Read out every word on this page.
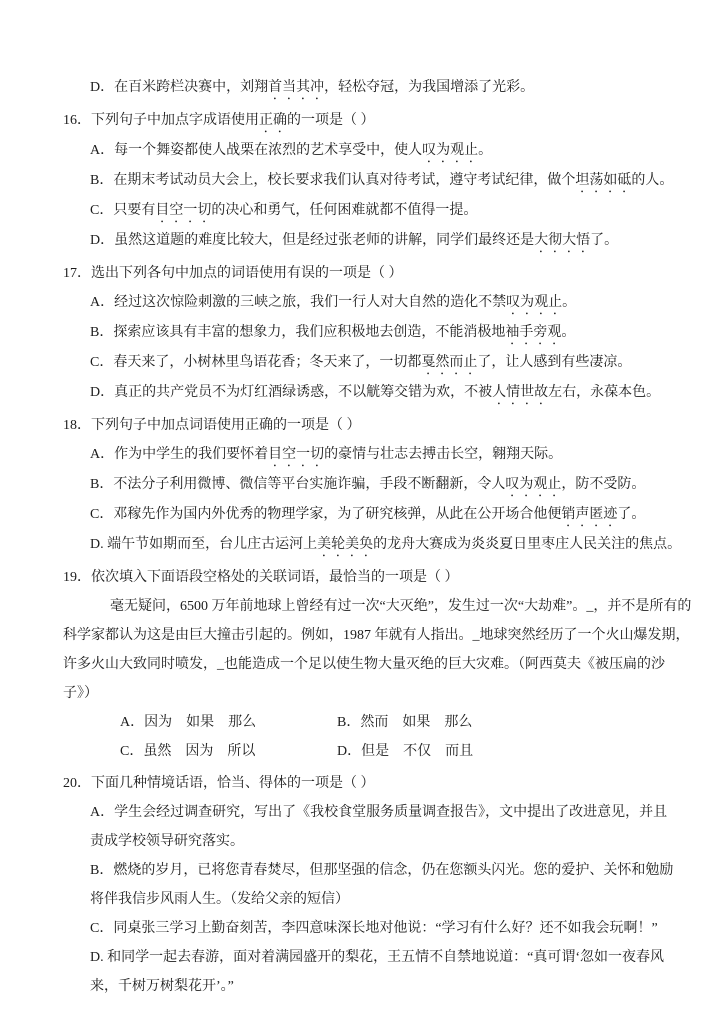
D．在百米跨栏决赛中，刘翔首当其冲，轻松夺冠，为我国增添了光彩。
16．下列句子中加点字成语使用正确的一项是（ ）
A．每一个舞姿都使人战栗在浓烈的艺术享受中，使人叹为观止。
B．在期末考试动员大会上，校长要求我们认真对待考试，遵守考试纪律，做个坦荡如砥的人。
C．只要有目空一切的决心和勇气，任何困难就都不值得一提。
D．虽然这道题的难度比较大，但是经过张老师的讲解，同学们最终还是大彻大悟了。
17．选出下列各句中加点的词语使用有误的一项是（ ）
A．经过这次惊险刺激的三峡之旅，我们一行人对大自然的造化不禁叹为观止。
B．探索应该具有丰富的想象力，我们应积极地去创造，不能消极地袖手旁观。
C．春天来了，小树林里鸟语花香；冬天来了，一切都戛然而止了，让人感到有些凄凉。
D．真正的共产党员不为灯红酒绿诱惑，不以觥筹交错为欢，不被人情世故左右，永葆本色。
18．下列句子中加点词语使用正确的一项是（ ）
A．作为中学生的我们要怀着目空一切的豪情与壮志去搏击长空，翱翔天际。
B．不法分子利用微博、微信等平台实施诈骗，手段不断翻新，令人叹为观止，防不受防。
C．邓稼先作为国内外优秀的物理学家，为了研究核弹，从此在公开场合他便销声匿迹了。
D. 端午节如期而至，台儿庄古运河上美轮美奂的龙舟大赛成为炎炎夏日里枣庄人民关注的焦点。
19．依次填入下面语段空格处的关联词语，最恰当的一项是（ ）
毫无疑问，6500 万年前地球上曾经有过一次“大灭绝”，发生过一次“大劫难”。_，并不是所有的
科学家都认为这是由巨大撞击引起的。例如，1987 年就有人指出。_地球突然经历了一个火山爆发期，
许多火山大致同时喷发，_也能造成一个足以使生物大量灭绝的巨大灾难。（阿西莫夫《被压扁的沙
子》）
A．因为　如果　那么	B．然而　如果　那么
C．虽然　因为　所以	D．但是　不仅　而且
20．下面几种情境话语，恰当、得体的一项是（ ）
A．学生会经过调查研究，写出了《我校食堂服务质量调查报告》，文中提出了改进意见，并且
责成学校领导研究落实。
B．燃烧的岁月，已将您青春焚尽，但那坚强的信念，仍在您额头闪光。您的爱护、关怀和勉励
将伴我信步风雨人生。（发给父亲的短信）
C．同桌张三学习上勤奋刻苦，李四意味深长地对他说：“学习有什么好？还不如我会玩啊！”
D. 和同学一起去春游，面对着满园盛开的梨花，王五情不自禁地说道：“真可谓‘忽如一夜春风
来，千树万树梨花开’。”
